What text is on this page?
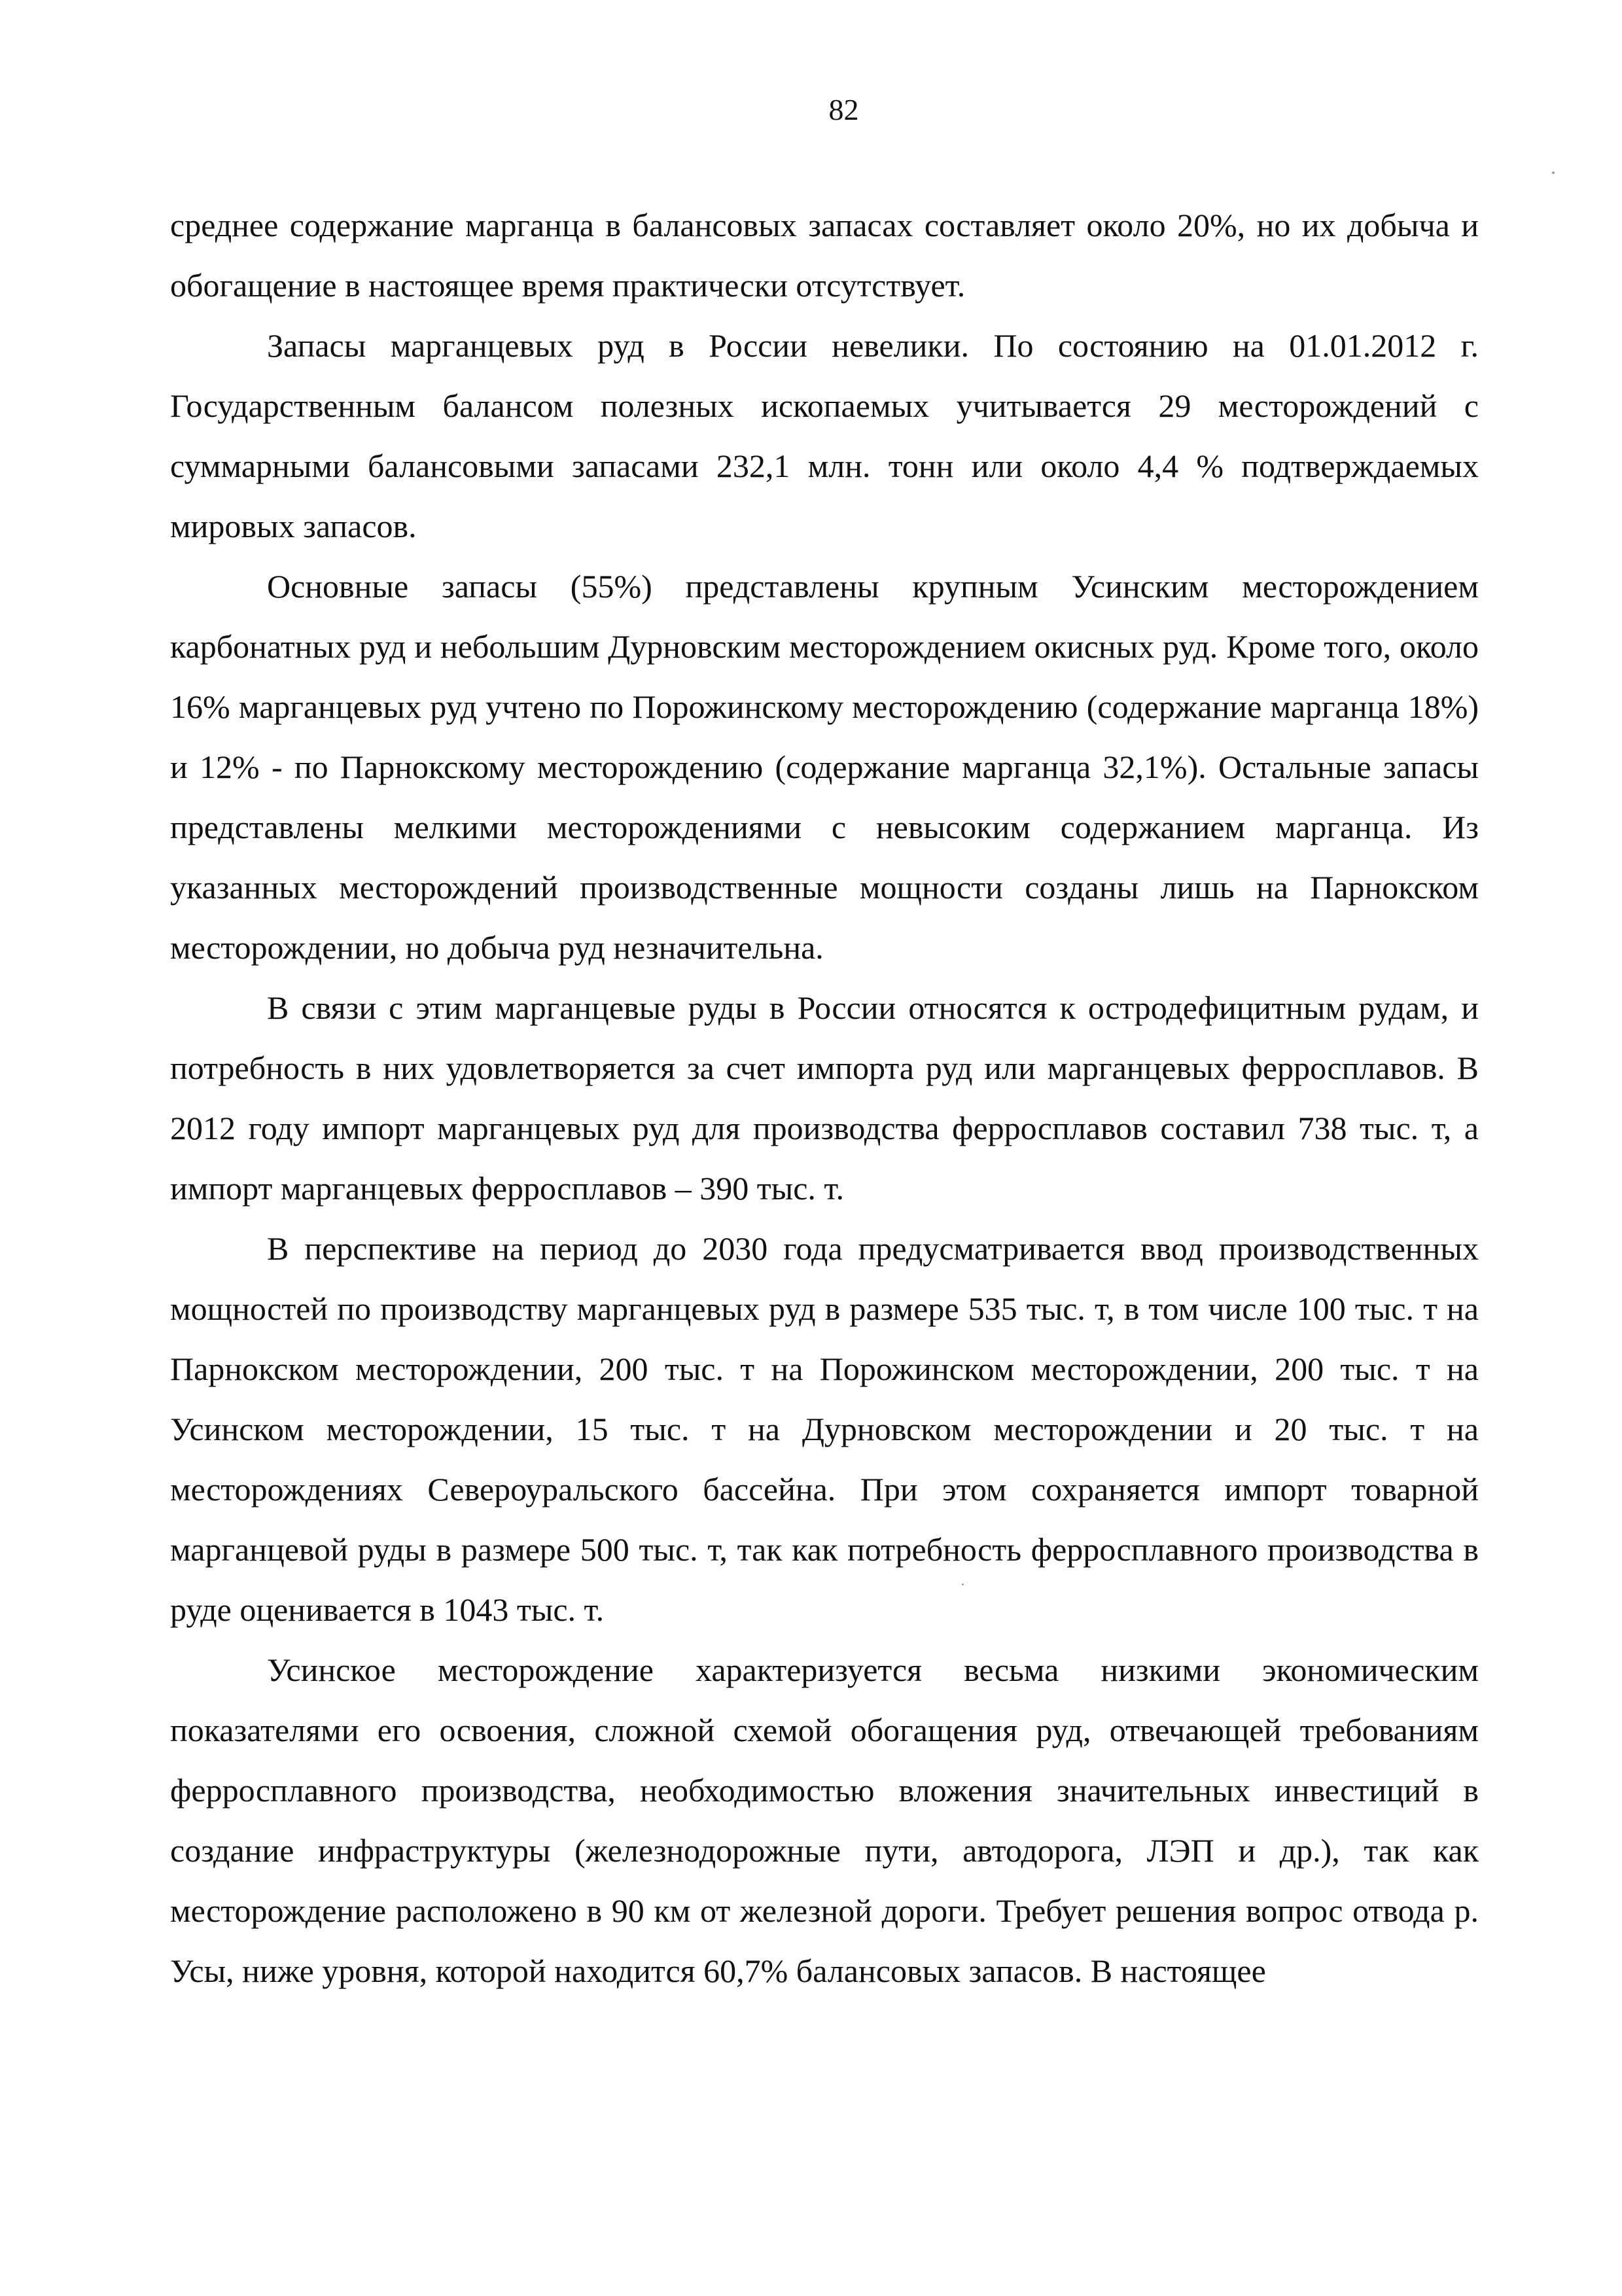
82

среднее содержание марганца в балансовых запасах составляет около 20%, но их добыча и обогащение в настоящее время практически отсутствует.

Запасы марганцевых руд в России невелики. По состоянию на 01.01.2012 г. Государственным балансом полезных ископаемых учитывается 29 месторождений с суммарными балансовыми запасами 232,1 млн. тонн или около 4,4 % подтверждаемых мировых запасов.

Основные запасы (55%) представлены крупным Усинским месторождением карбонатных руд и небольшим Дурновским месторождением окисных руд. Кроме того, около 16% марганцевых руд учтено по Порожинскому месторождению (содержание марганца 18%) и 12% - по Парнокскому месторождению (содержание марганца 32,1%). Остальные запасы представлены мелкими месторождениями с невысоким содержанием марганца. Из указанных месторождений производственные мощности созданы лишь на Парнокском месторождении, но добыча руд незначительна.

В связи с этим марганцевые руды в России относятся к остродефицитным рудам, и потребность в них удовлетворяется за счет импорта руд или марганцевых ферросплавов. В 2012 году импорт марганцевых руд для производства ферросплавов составил 738 тыс. т, а импорт марганцевых ферросплавов – 390 тыс. т.

В перспективе на период до 2030 года предусматривается ввод производственных мощностей по производству марганцевых руд в размере 535 тыс. т, в том числе 100 тыс. т на Парнокском месторождении, 200 тыс. т на Порожинском месторождении, 200 тыс. т на Усинском месторождении, 15 тыс. т на Дурновском месторождении и 20 тыс. т на месторождениях Североуральского бассейна. При этом сохраняется импорт товарной марганцевой руды в размере 500 тыс. т, так как потребность ферросплавного производства в руде оценивается в 1043 тыс. т.

Усинское месторождение характеризуется весьма низкими экономическим показателями его освоения, сложной схемой обогащения руд, отвечающей требованиям ферросплавного производства, необходимостью вложения значительных инвестиций в создание инфраструктуры (железнодорожные пути, автодорога, ЛЭП и др.), так как месторождение расположено в 90 км от железной дороги. Требует решения вопрос отвода р. Усы, ниже уровня, которой находится 60,7% балансовых запасов. В настоящее
